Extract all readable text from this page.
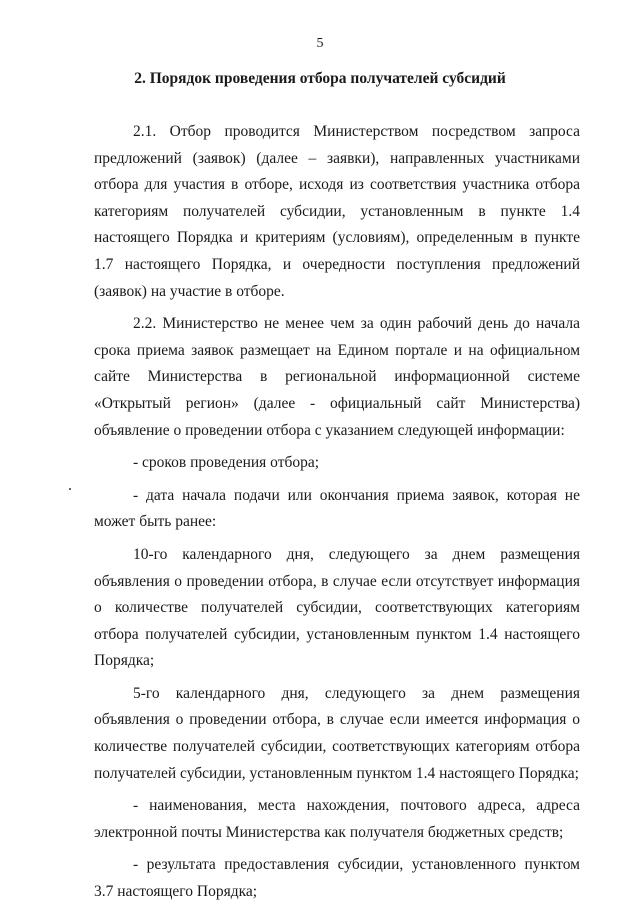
5
2. Порядок проведения отбора получателей субсидий

2.1. Отбор проводится Министерством посредством запроса предложений (заявок) (далее – заявки), направленных участниками отбора для участия в отборе, исходя из соответствия участника отбора категориям получателей субсидии, установленным в пункте 1.4 настоящего Порядка и критериям (условиям), определенным в пункте 1.7 настоящего Порядка, и очередности поступления предложений (заявок) на участие в отборе.

2.2. Министерство не менее чем за один рабочий день до начала срока приема заявок размещает на Едином портале и на официальном сайте Министерства в региональной информационной системе «Открытый регион» (далее - официальный сайт Министерства) объявление о проведении отбора с указанием следующей информации:

- сроков проведения отбора;

- дата начала подачи или окончания приема заявок, которая не может быть ранее:

10-го календарного дня, следующего за днем размещения объявления о проведении отбора, в случае если отсутствует информация о количестве получателей субсидии, соответствующих категориям отбора получателей субсидии, установленным пунктом 1.4 настоящего Порядка;

5-го календарного дня, следующего за днем размещения объявления о проведении отбора, в случае если имеется информация о количестве получателей субсидии, соответствующих категориям отбора получателей субсидии, установленным пунктом 1.4 настоящего Порядка;

- наименования, места нахождения, почтового адреса, адреса электронной почты Министерства как получателя бюджетных средств;

- результата предоставления субсидии, установленного пунктом 3.7 настоящего Порядка;
